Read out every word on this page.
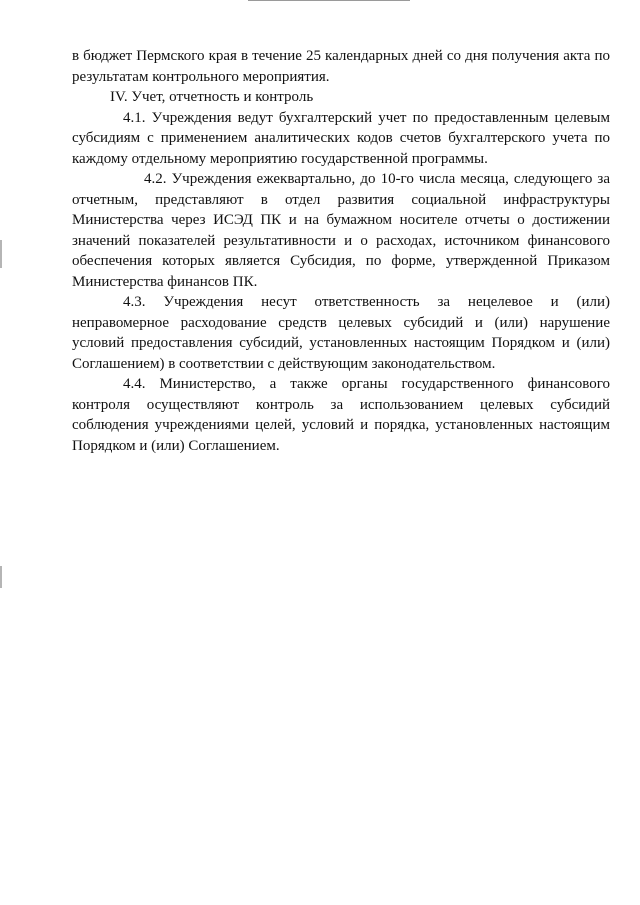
в бюджет Пермского края в течение 25 календарных дней со дня получения акта по результатам контрольного мероприятия.

IV. Учет, отчетность и контроль

4.1. Учреждения ведут бухгалтерский учет по предоставленным целевым субсидиям с применением аналитических кодов счетов бухгалтерского учета по каждому отдельному мероприятию государственной программы.

4.2. Учреждения ежеквартально, до 10-го числа месяца, следующего за отчетным, представляют в отдел развития социальной инфраструктуры Министерства через ИСЭД ПК и на бумажном носителе отчеты о достижении значений показателей результативности и о расходах, источником финансового обеспечения которых является Субсидия, по форме, утвержденной Приказом Министерства финансов ПК.

4.3. Учреждения несут ответственность за нецелевое и (или) неправомерное расходование средств целевых субсидий и (или) нарушение условий предоставления субсидий, установленных настоящим Порядком и (или) Соглашением) в соответствии с действующим законодательством.

4.4. Министерство, а также органы государственного финансового контроля осуществляют контроль за использованием целевых субсидий соблюдения учреждениями целей, условий и порядка, установленных настоящим Порядком и (или) Соглашением.
